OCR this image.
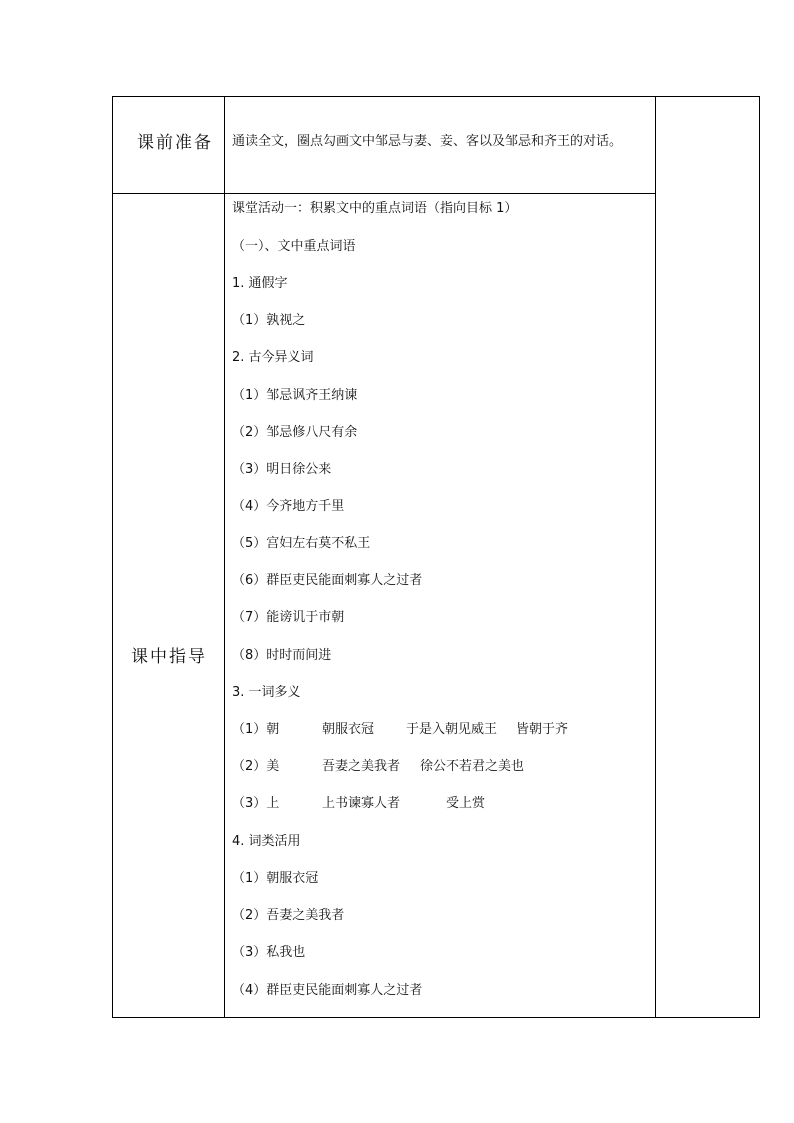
课前准备 通读全文，圈点勾画文中邹忌与妻、妾、客以及邹忌和齐王的对话。
课中指导
课堂活动一：积累文中的重点词语（指向目标 1）
（一）、文中重点词语
1. 通假字
（1）孰视之
2. 古今异义词
（1）邹忌讽齐王纳谏
（2）邹忌修八尺有余
（3）明日徐公来
（4）今齐地方千里
（5）宫妇左右莫不私王
（6）群臣吏民能面刺寡人之过者
（7）能谤讥于市朝
（8）时时而间进
3. 一词多义
（1）朝	朝服衣冠 于是入朝见威王 皆朝于齐
（2）美	吾妻之美我者 徐公不若君之美也
（3）上	上书谏寡人者	受上赏
4. 词类活用
（1）朝服衣冠
（2）吾妻之美我者
（3）私我也
（4）群臣吏民能面刺寡人之过者
